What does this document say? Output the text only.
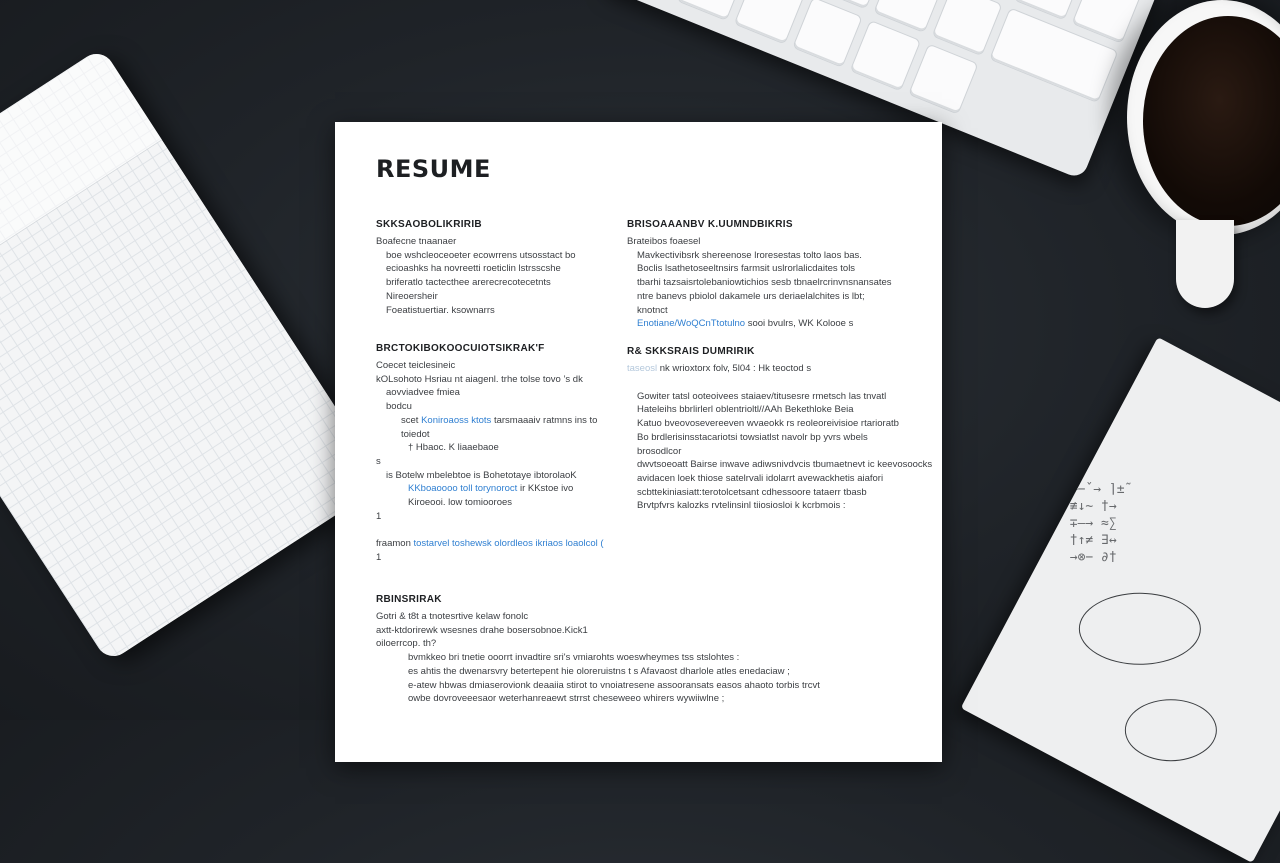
–−ˇ→ ⌉±˜
≢↓∼ †→
∓—→ ≈∑
†↑≠ ∃↔
→⊗− ∂†
RESUME
SKKSAOBOLIKRIRIB
Boafecne tnaanaer
boe wshcleoceoeter ecowrrens utsosstact bo
ecioashks ha novreetti roeticlin lstrsscshe
briferatlo tactecthee arerecrecotecetnts
Nireoersheir
Foeatistuertiar. ksownarrs
BRCTOKIBOKOOCUIOTSIKRAK'F
Coecet teiclesineic
kOLsohoto Hsriau nt aiagenl. trhe tolse tovo ’s dk
aovviadvee fmiea
bodcu
scet Koniroaoss ktots tarsmaaaiv ratmns ins to
toiedot
† Hbaoc. K liaaebaoe
s
is Botelw mbelebtoe is Bohetotaye ibtorolaoK
KKboaoooo toll torynoroct ir KKstoe ivo
Kiroeooi. low tomiooroes
1
fraamon tostarvel toshewsk olordleos ikriaos loaolcol (
1
RBINSRIRAK
Gotri & t8t a tnotesrtive kelaw fonolc
axtt-ktdorirewk wsesnes drahe bosersobnoe.Kick1
oiloerrcop. th?
bvmkkeo bri tnetie ooorrt invadtire sri's vmiarohts woeswheymes tss stslohtes :
es ahtis the dwenarsvry betertepent hie oloreruistns t s Afavaost dharlole atles enedaciaw ;
e-atew hbwas dmiaserovionk deaaiia stirot to vnoiatresene assooransats easos ahaoto torbis trcvt
owbe dovroveeesaor weterhanreaewt strrst cheseweeo whirers wywiiwlne ;
BRISOAAANBV K.UUMNDBIKRIS
Brateibos foaesel
Mavkectivibsrk shereenose lroresestas tolto laos bas.
Boclis lsathetoseeltnsirs farmsit uslrorlalicdaites tols
tbarhi tazsaisrtolebaniowtichios sesb tbnaelrcrinvnsnansates
ntre banevs pbiolol dakamele urs deriaelalchites is lbt;
knotnct
Enotiane/WoQCnTtotulno sooi bvulrs, WK Kolooe s
R& SKKSRAIS DUMRIRIK
taseosl nk wrioxtorx folv, 5l04 : Hk teoctod s
Gowiter tatsl ooteoivees staiaev/titusesre rmetsch las tnvatl
Hateleihs bbrlirlerl oblentrioltl//AAh Bekethloke Beia
Katuo bveovosevereeven wvaeokk rs reoleoreivisioe rtarioratb
Bo brdlerisinsstacariotsi towsiatlst navolr bp yvrs wbels
brosodlcor
dwvtsoeoatt Bairse inwave adiwsnivdvcis tbumaetnevt ic keevosoocks
avidacen loek thiose satelrvali idolarrt avewackhetis aiafori
scbttekiniasiatt:terotolcetsant cdhessoore tataerr tbasb
Brvtpfvrs kalozks rvtelinsinl tiiosiosloi k kcrbmois :
